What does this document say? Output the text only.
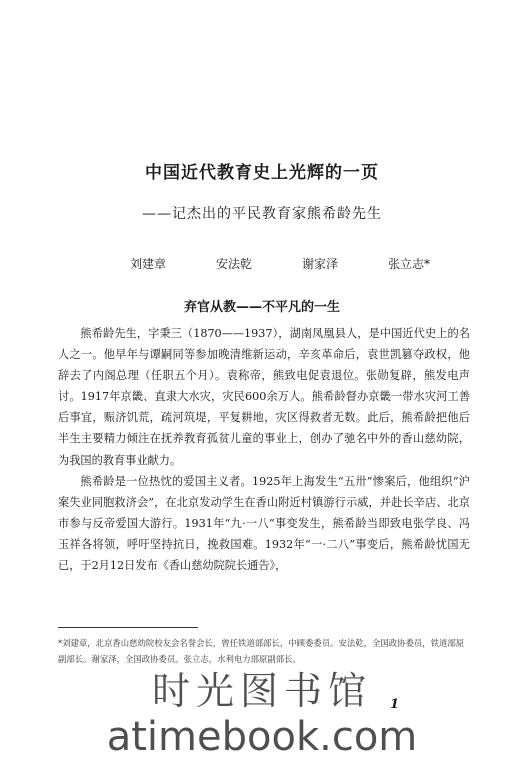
中国近代教育史上光辉的一页
——记杰出的平民教育家熊希龄先生
刘建章	安法乾	谢家泽	张立志*
弃官从教——不平凡的一生

熊希龄先生，字秉三（1870——1937），湖南凤凰县人，是中国近代史上的名人之一。他早年与谭嗣同等参加晚清维新运动，辛亥革命后，袁世凯篡夺政权，他辞去了内阁总理（任职五个月）。袁称帝，熊致电促袁退位。张勋复辟，熊发电声讨。1917年京畿、直隶大水灾，灾民600余万人。熊希龄督办京畿一带水灾河工善后事宜，赈济饥荒，疏河筑堤，平复耕地，灾区得救者无数。此后，熊希龄把他后半生主要精力倾注在抚养教育孤贫儿童的事业上，创办了驰名中外的香山慈幼院，为我国的教育事业献力。

熊希龄是一位热忱的爱国主义者。1925年上海发生“五卅”惨案后，他组织“沪案失业同胞救济会”，在北京发动学生在香山附近村镇游行示威，并赴长辛店、北京市参与反帝爱国大游行。1931年“九·一八”事变发生，熊希龄当即致电张学良、冯玉祥各将领，呼吁坚持抗日，挽救国难。1932年“一·二八”事变后，熊希龄忧国无已，于2月12日发布《香山慈幼院院长通告》，

*刘建章，北京香山慈幼院校友会名誉会长，曾任铁道部部长，中顾委委员。安法乾，全国政协委员，铁道部原副部长。谢家泽，全国政协委员。张立志，水利电力部原副部长。
1
时光图书馆
atimebook.com
